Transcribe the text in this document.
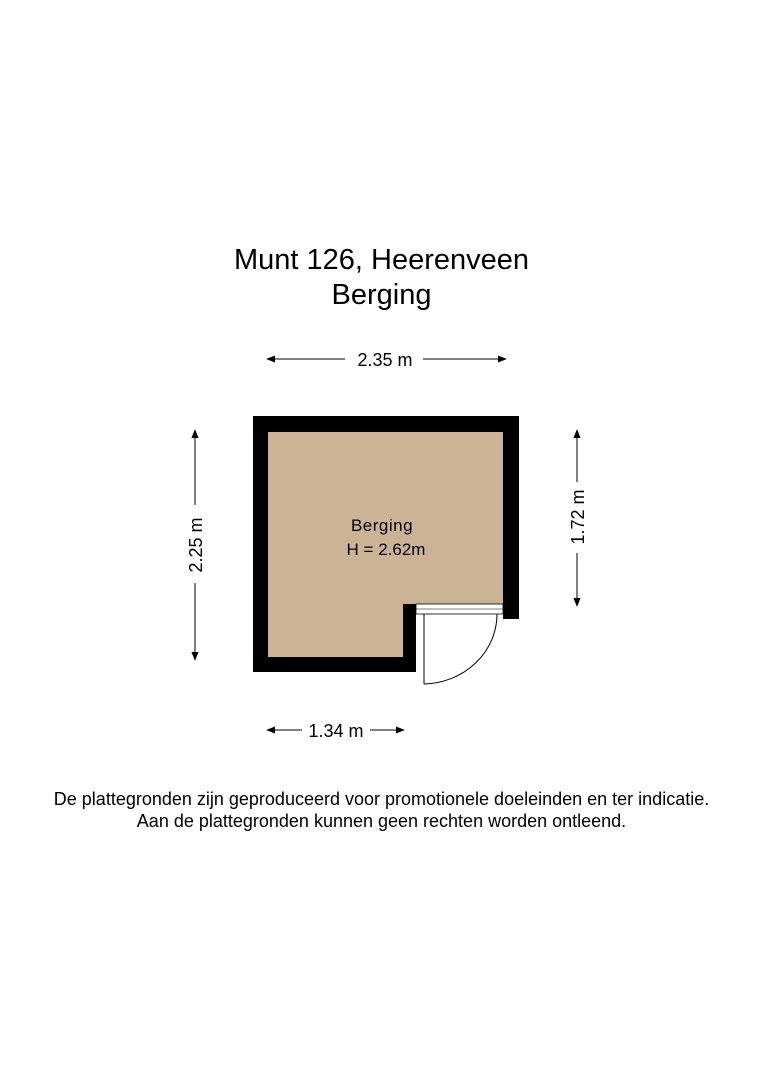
Munt 126, Heerenveen
Berging
Berging
H = 2.62m
2.35 m
2.25 m
1.72 m
1.34 m
De plattegronden zijn geproduceerd voor promotionele doeleinden en ter indicatie.
Aan de plattegronden kunnen geen rechten worden ontleend.
